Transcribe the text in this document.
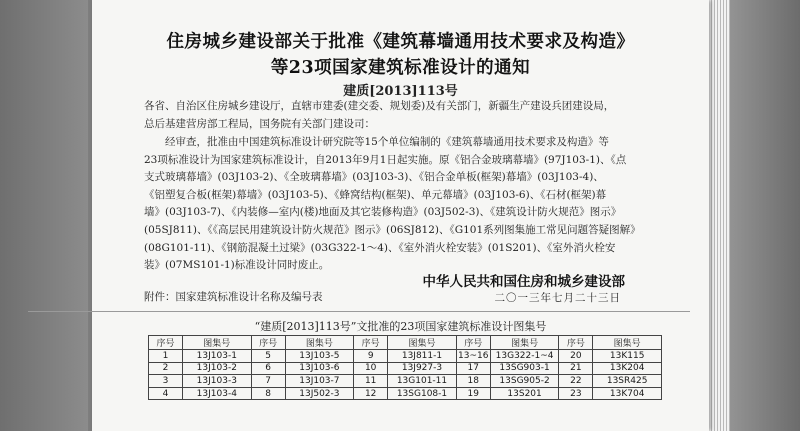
住房城乡建设部关于批准《建筑幕墙通用技术要求及构造》
等23项国家建筑标准设计的通知
建质[2013]113号
各省、自治区住房城乡建设厅，直辖市建委(建交委、规划委)及有关部门，新疆生产建设兵团建设局，
总后基建营房部工程局，国务院有关部门建设司：
经审查，批准由中国建筑标准设计研究院等15个单位编制的《建筑幕墙通用技术要求及构造》等
23项标准设计为国家建筑标准设计，自2013年9月1日起实施。原《铝合金玻璃幕墙》(97J103-1)、《点
支式玻璃幕墙》(03J103-2)、《全玻璃幕墙》(03J103-3)、《铝合金单板(框架)幕墙》(03J103-4)、
《铝塑复合板(框架)幕墙》(03J103-5)、《蜂窝结构(框架)、单元幕墙》(03J103-6)、《石材(框架)幕
墙》(03J103-7)、《内装修—室内(楼)地面及其它装修构造》(03J502-3)、《建筑设计防火规范》图示》
(05SJ811)、《《高层民用建筑设计防火规范》图示》(06SJ812)、《G101系列图集施工常见问题答疑图解》
(08G101-11)、《钢筋混凝土过梁》(03G322-1～4)、《室外消火栓安装》(01S201)、《室外消火栓安
装》(07MS101-1)标准设计同时废止。
附件：国家建筑标准设计名称及编号表
中华人民共和国住房和城乡建设部
二〇一三年七月二十三日
“建质[2013]113号”文批准的23项国家建筑标准设计图集号
序号	图集号	序号	图集号	序号	图集号	序号	图集号	序号	图集号
1	13J103-1	5	13J103-5	9	13J811-1	13~16	13G322-1~4	20	13K115
2	13J103-2	6	13J103-6	10	13J927-3	17	13SG903-1	21	13K204
3	13J103-3	7	13J103-7	11	13G101-11	18	13SG905-2	22	13SR425
4	13J103-4	8	13J502-3	12	13SG108-1	19	13S201	23	13K704
